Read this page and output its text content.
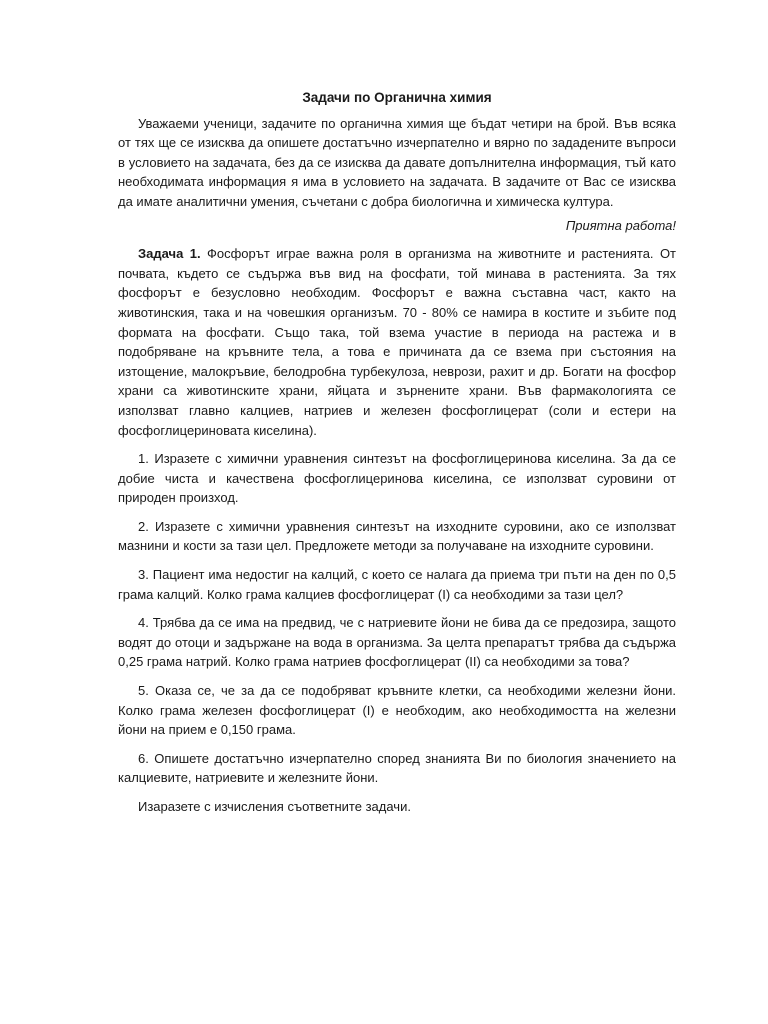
Задачи по Органична химия

Уважаеми ученици, задачите по органична химия ще бъдат четири на брой. Във всяка от тях ще се изисква да опишете достатъчно изчерпателно и вярно по зададените въпроси в условието на задачата, без да се изисква да давате допълнителна информация, тъй като необходимата информация я има в условието на задачата. В задачите от Вас се изисква да имате аналитични умения, съчетани с добра биологична и химическа култура.

Приятна работа!

Задача 1. Фосфорът играе важна роля в организма на животните и растенията. От почвата, където се съдържа във вид на фосфати, той минава в растенията. За тях фосфорът е безусловно необходим. Фосфорът е важна съставна част, както на животинския, така и на човешкия организъм. 70 - 80% се намира в костите и зъбите под формата на фосфати. Също така, той взема участие в периода на растежа и в подобряване на кръвните тела, а това е причината да се взема при състояния на изтощение, малокръвие, белодробна турбекулоза, неврози, рахит и др. Богати на фосфор храни са животинските храни, яйцата и зърнените храни. Във фармакологията се използват главно калциев, натриев и железен фосфоглицерат (соли и естери на фосфоглицериновата киселина).

1. Изразете с химични уравнения синтезът на фосфоглицеринова киселина. За да се добие чиста и качествена фосфоглицеринова киселина, се използват суровини от природен произход.

2. Изразете с химични уравнения синтезът на изходните суровини, ако се използват мазнини и кости за тази цел. Предложете методи за получаване на изходните суровини.

3. Пациент има недостиг на калций, с което се налага да приема три пъти на ден по 0,5 грама калций. Колко грама калциев фосфоглицерат (I) са необходими за тази цел?

4. Трябва да се има на предвид, че с натриевите йони не бива да се предозира, защото водят до отоци и задържане на вода в организма. За целта препаратът трябва да съдържа 0,25 грама натрий. Колко грама натриев фосфоглицерат (II) са необходими за това?

5. Оказа се, че за да се подобряват кръвните клетки, са необходими железни йони. Колко грама железен фосфоглицерат (I) е необходим, ако необходимостта на железни йони на прием е 0,150 грама.

6. Опишете достатъчно изчерпателно според знанията Ви по биология значението на калциевите, натриевите и железните йони.

Изаразете с изчисления съответните задачи.
